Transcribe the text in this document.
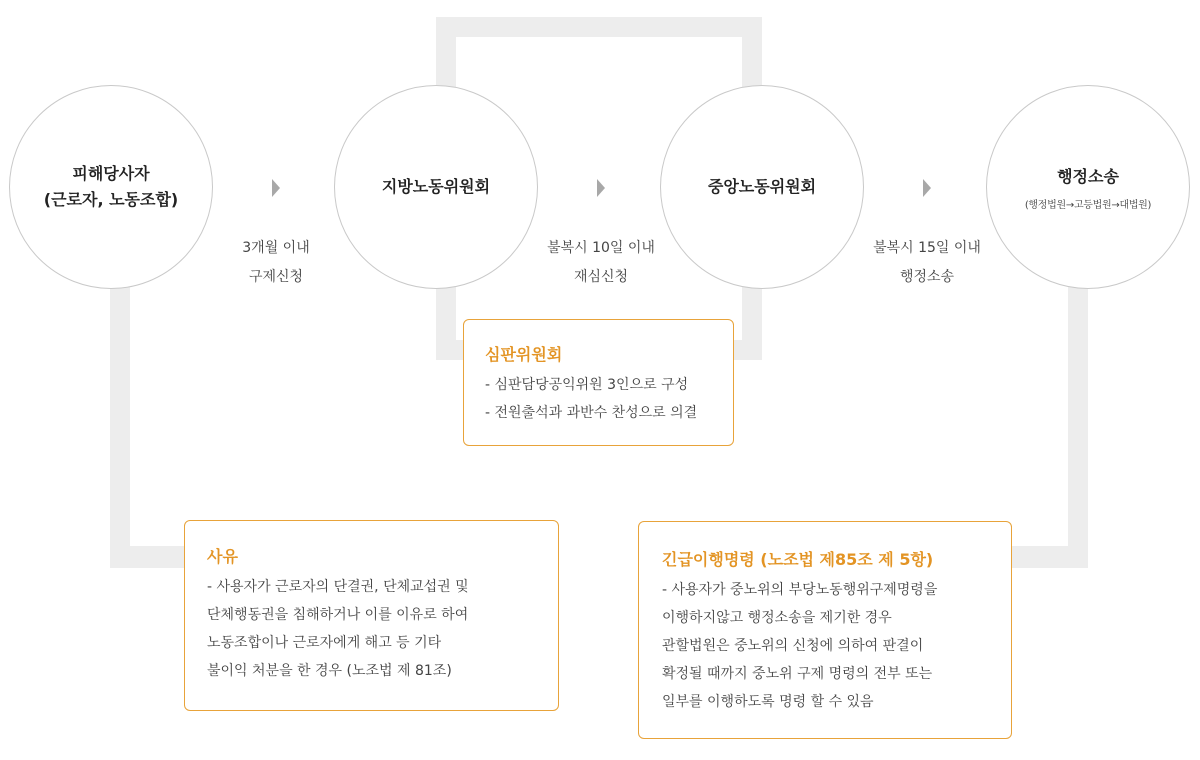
피해당사자
(근로자, 노동조합)
지방노동위원회	중앙노동위원회
행정소송
(행정법원→고등법원→대법원)
3개월 이내
구제신청
불복시 10일 이내
재심신청
불복시 15일 이내
행정소송
심판위원회
- 심판담당공익위원 3인으로 구성
- 전원출석과 과반수 찬성으로 의결
사유
- 사용자가 근로자의 단결권, 단체교섭권 및
단체행동권을 침해하거나 이를 이유로 하여
노동조합이나 근로자에게 해고 등 기타
불이익 처분을 한 경우 (노조법 제 81조)
긴급이행명령 (노조법 제85조 제 5항)
- 사용자가 중노위의 부당노동행위구제명령을
이행하지않고 행정소송을 제기한 경우
관할법원은 중노위의 신청에 의하여 판결이
확정될 때까지 중노위 구제 명령의 전부 또는
일부를 이행하도록 명령 할 수 있음
